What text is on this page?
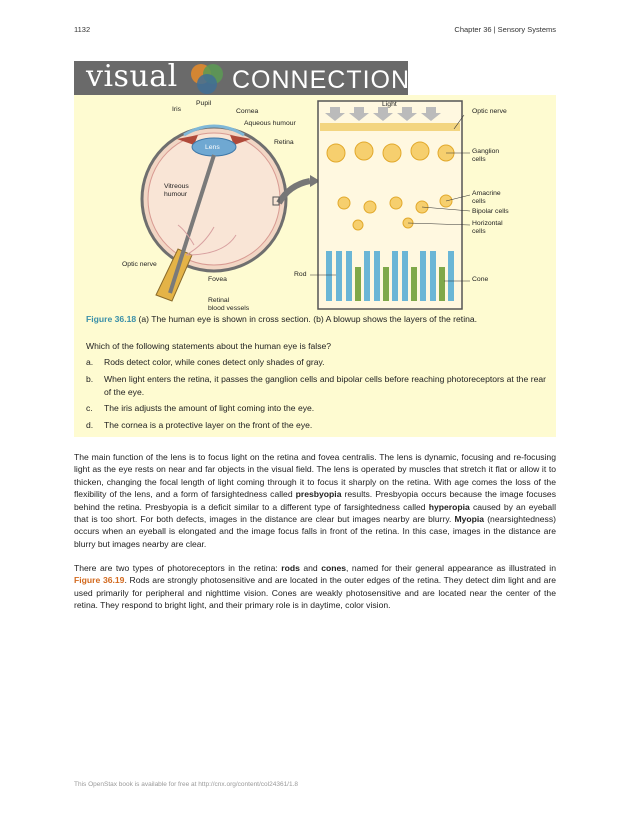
1132	Chapter 36 | Sensory Systems
visual CONNECTION
Pupil
Iris	Cornea
Aqueous humour
Lens
Retina
Vitreous
humour
Optic nerve
Fovea
Retinal
blood vessels
Light
Optic nerve
Ganglion
cells
Amacrine
cells
Bipolar cells
Horizontal
cells
Rod
Cone
Figure 36.18 (a) The human eye is shown in cross section. (b) A blowup shows the layers of the retina.
Which of the following statements about the human eye is false?
a. Rods detect color, while cones detect only shades of gray.
b. When light enters the retina, it passes the ganglion cells and bipolar cells before reaching photoreceptors at the rear of the eye.
c. The iris adjusts the amount of light coming into the eye.
d. The cornea is a protective layer on the front of the eye.
The main function of the lens is to focus light on the retina and fovea centralis. The lens is dynamic, focusing and re-focusing light as the eye rests on near and far objects in the visual field. The lens is operated by muscles that stretch it flat or allow it to thicken, changing the focal length of light coming through it to focus it sharply on the retina. With age comes the loss of the flexibility of the lens, and a form of farsightedness called presbyopia results. Presbyopia occurs because the image focuses behind the retina. Presbyopia is a deficit similar to a different type of farsightedness called hyperopia caused by an eyeball that is too short. For both defects, images in the distance are clear but images nearby are blurry. Myopia (nearsightedness) occurs when an eyeball is elongated and the image focus falls in front of the retina. In this case, images in the distance are blurry but images nearby are clear.
There are two types of photoreceptors in the retina: rods and cones, named for their general appearance as illustrated in Figure 36.19. Rods are strongly photosensitive and are located in the outer edges of the retina. They detect dim light and are used primarily for peripheral and nighttime vision. Cones are weakly photosensitive and are located near the center of the retina. They respond to bright light, and their primary role is in daytime, color vision.
This OpenStax book is available for free at http://cnx.org/content/col24361/1.8
